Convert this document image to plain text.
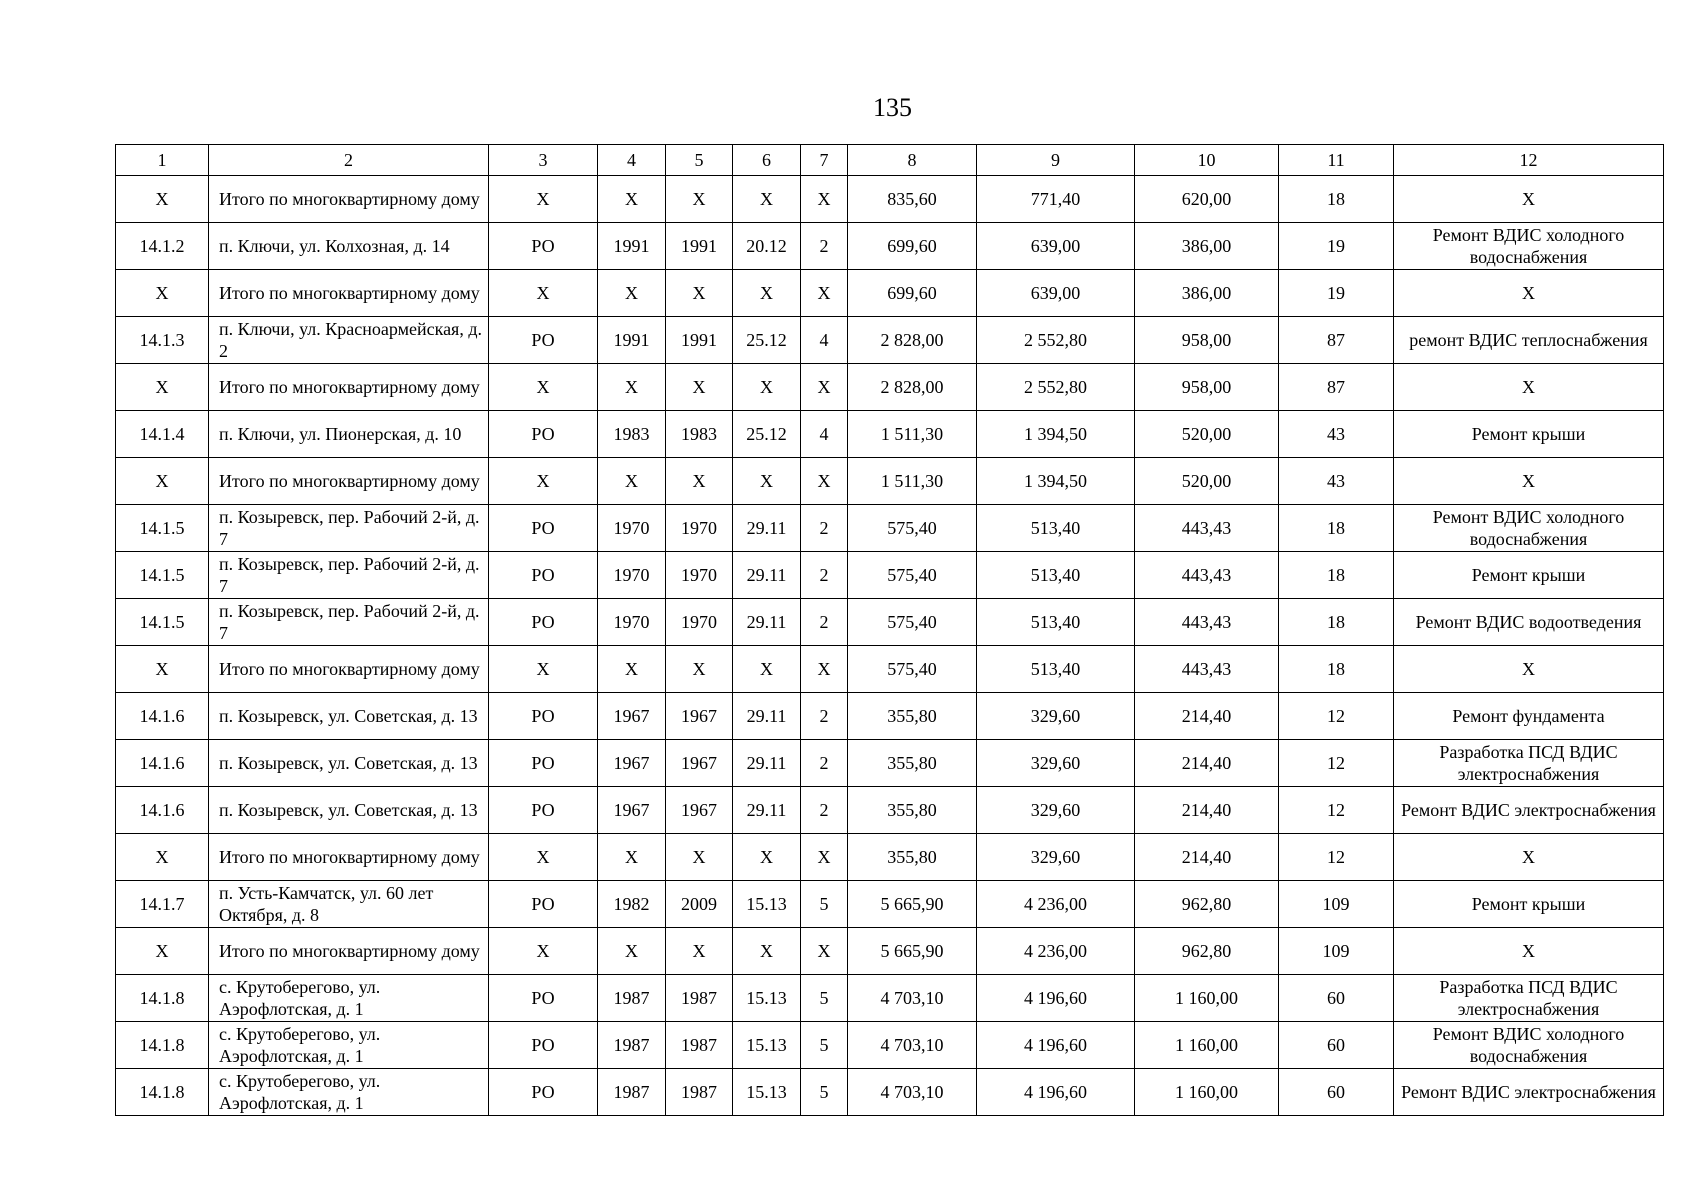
135
1	2	3	4	5	6	7	8	9	10	11	12
Х	Итого по многоквартирному дому	Х	Х	Х	Х	Х	835,60	771,40	620,00	18	Х
14.1.2	п. Ключи, ул. Колхозная, д. 14	РО	1991	1991	20.12	2	699,60	639,00	386,00	19	Ремонт ВДИС холодного водоснабжения
Х	Итого по многоквартирному дому	Х	Х	Х	Х	Х	699,60	639,00	386,00	19	Х
14.1.3	п. Ключи, ул. Красноармейская, д. 2	РО	1991	1991	25.12	4	2 828,00	2 552,80	958,00	87	ремонт ВДИС теплоснабжения
Х	Итого по многоквартирному дому	Х	Х	Х	Х	Х	2 828,00	2 552,80	958,00	87	Х
14.1.4	п. Ключи, ул. Пионерская, д. 10	РО	1983	1983	25.12	4	1 511,30	1 394,50	520,00	43	Ремонт крыши
Х	Итого по многоквартирному дому	Х	Х	Х	Х	Х	1 511,30	1 394,50	520,00	43	Х
14.1.5	п. Козыревск, пер. Рабочий 2-й, д. 7	РО	1970	1970	29.11	2	575,40	513,40	443,43	18	Ремонт ВДИС холодного водоснабжения
14.1.5	п. Козыревск, пер. Рабочий 2-й, д. 7	РО	1970	1970	29.11	2	575,40	513,40	443,43	18	Ремонт крыши
14.1.5	п. Козыревск, пер. Рабочий 2-й, д. 7	РО	1970	1970	29.11	2	575,40	513,40	443,43	18	Ремонт ВДИС водоотведения
Х	Итого по многоквартирному дому	Х	Х	Х	Х	Х	575,40	513,40	443,43	18	Х
14.1.6	п. Козыревск, ул. Советская, д. 13	РО	1967	1967	29.11	2	355,80	329,60	214,40	12	Ремонт фундамента
14.1.6	п. Козыревск, ул. Советская, д. 13	РО	1967	1967	29.11	2	355,80	329,60	214,40	12	Разработка ПСД ВДИС электроснабжения
14.1.6	п. Козыревск, ул. Советская, д. 13	РО	1967	1967	29.11	2	355,80	329,60	214,40	12	Ремонт ВДИС электроснабжения
Х	Итого по многоквартирному дому	Х	Х	Х	Х	Х	355,80	329,60	214,40	12	Х
14.1.7	п. Усть-Камчатск, ул. 60 лет Октября, д. 8	РО	1982	2009	15.13	5	5 665,90	4 236,00	962,80	109	Ремонт крыши
Х	Итого по многоквартирному дому	Х	Х	Х	Х	Х	5 665,90	4 236,00	962,80	109	Х
14.1.8	с. Крутоберегово, ул. Аэрофлотская, д. 1	РО	1987	1987	15.13	5	4 703,10	4 196,60	1 160,00	60	Разработка ПСД ВДИС электроснабжения
14.1.8	с. Крутоберегово, ул. Аэрофлотская, д. 1	РО	1987	1987	15.13	5	4 703,10	4 196,60	1 160,00	60	Ремонт ВДИС холодного водоснабжения
14.1.8	с. Крутоберегово, ул. Аэрофлотская, д. 1	РО	1987	1987	15.13	5	4 703,10	4 196,60	1 160,00	60	Ремонт ВДИС электроснабжения
